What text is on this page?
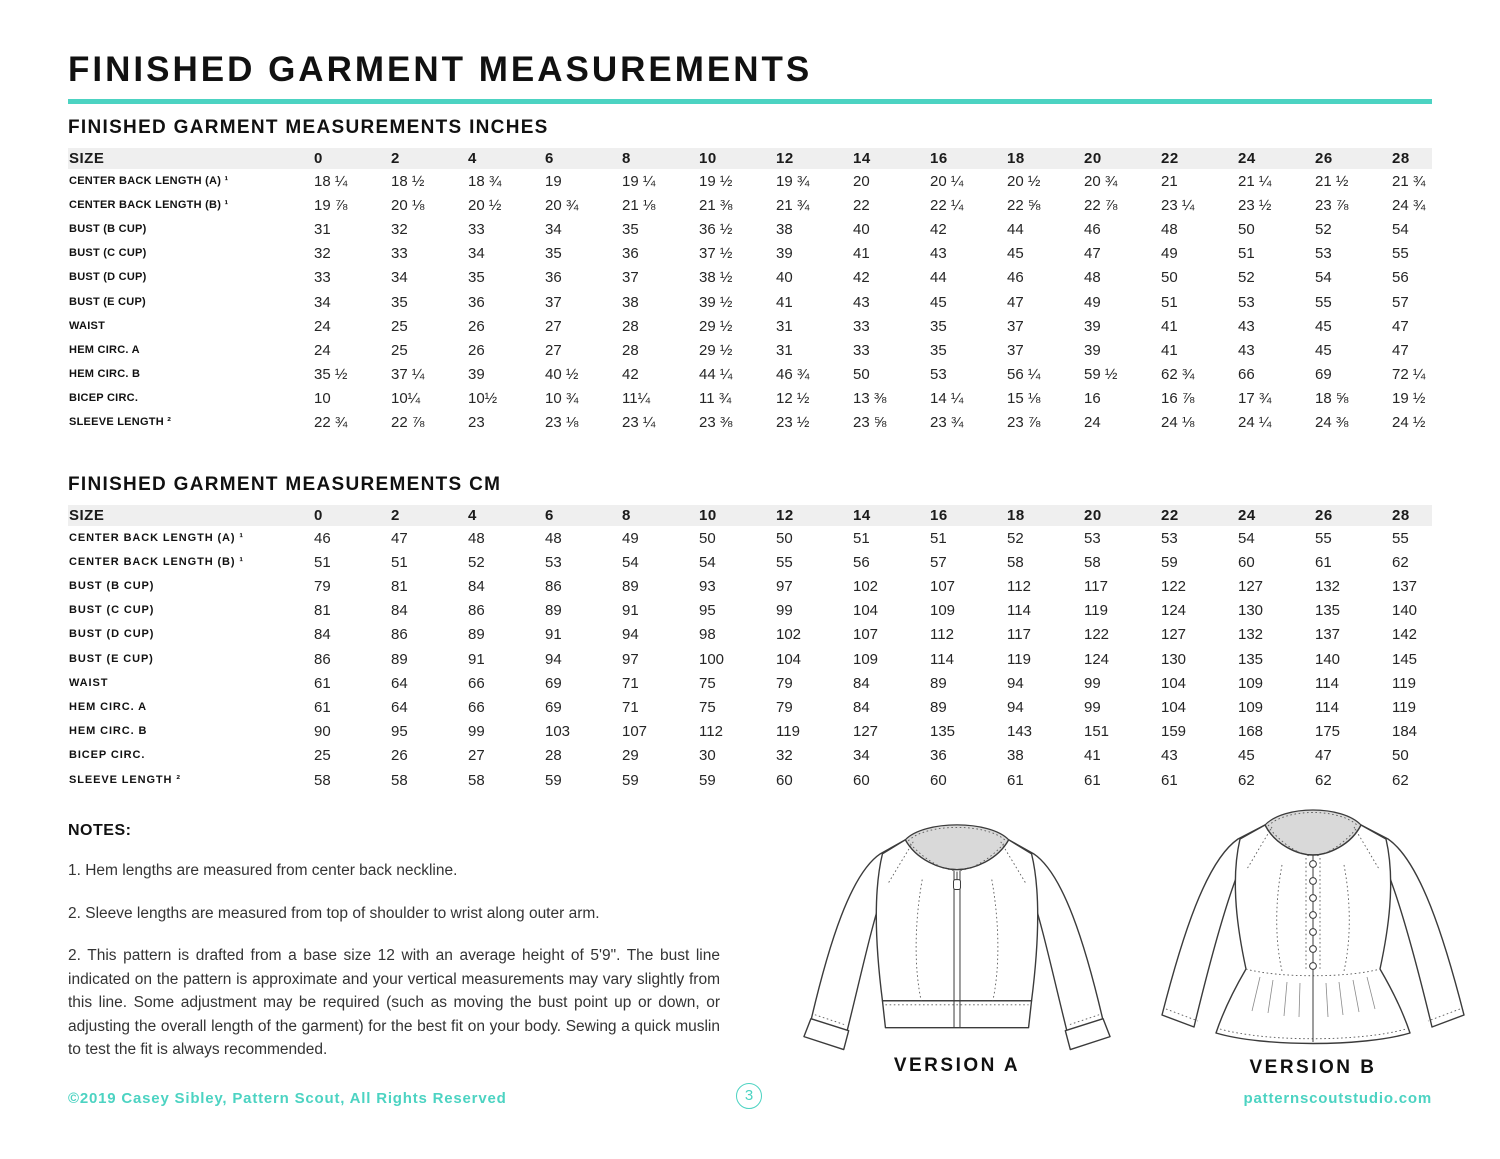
FINISHED GARMENT MEASUREMENTS
FINISHED GARMENT MEASUREMENTS INCHES
SIZE	0	2	4	6	8	10	12	14	16	18	20	22	24	26	28
CENTER BACK LENGTH (A) ¹	18 ¼	18 ½	18 ¾	19	19 ¼	19 ½	19 ¾	20	20 ¼	20 ½	20 ¾	21	21 ¼	21 ½	21 ¾
CENTER BACK LENGTH (B) ¹	19 ⅞	20 ⅛	20 ½	20 ¾	21 ⅛	21 ⅜	21 ¾	22	22 ¼	22 ⅝	22 ⅞	23 ¼	23 ½	23 ⅞	24 ¾
BUST (B CUP)	31	32	33	34	35	36 ½	38	40	42	44	46	48	50	52	54
BUST (C CUP)	32	33	34	35	36	37 ½	39	41	43	45	47	49	51	53	55
BUST (D CUP)	33	34	35	36	37	38 ½	40	42	44	46	48	50	52	54	56
BUST (E CUP)	34	35	36	37	38	39 ½	41	43	45	47	49	51	53	55	57
WAIST	24	25	26	27	28	29 ½	31	33	35	37	39	41	43	45	47
HEM CIRC. A	24	25	26	27	28	29 ½	31	33	35	37	39	41	43	45	47
HEM CIRC. B	35 ½	37 ¼	39	40 ½	42	44 ¼	46 ¾	50	53	56 ¼	59 ½	62 ¾	66	69	72 ¼
BICEP CIRC.	10	10¼	10½	10 ¾	11¼	11 ¾	12 ½	13 ⅜	14 ¼	15 ⅛	16	16 ⅞	17 ¾	18 ⅝	19 ½
SLEEVE LENGTH ²	22 ¾	22 ⅞	23	23 ⅛	23 ¼	23 ⅜	23 ½	23 ⅝	23 ¾	23 ⅞	24	24 ⅛	24 ¼	24 ⅜	24 ½
FINISHED GARMENT MEASUREMENTS CM
SIZE	0	2	4	6	8	10	12	14	16	18	20	22	24	26	28
CENTER BACK LENGTH (A) ¹	46	47	48	48	49	50	50	51	51	52	53	53	54	55	55
CENTER BACK LENGTH (B) ¹	51	51	52	53	54	54	55	56	57	58	58	59	60	61	62
BUST (B CUP)	79	81	84	86	89	93	97	102	107	112	117	122	127	132	137
BUST (C CUP)	81	84	86	89	91	95	99	104	109	114	119	124	130	135	140
BUST (D CUP)	84	86	89	91	94	98	102	107	112	117	122	127	132	137	142
BUST (E CUP)	86	89	91	94	97	100	104	109	114	119	124	130	135	140	145
WAIST	61	64	66	69	71	75	79	84	89	94	99	104	109	114	119
HEM CIRC. A	61	64	66	69	71	75	79	84	89	94	99	104	109	114	119
HEM CIRC. B	90	95	99	103	107	112	119	127	135	143	151	159	168	175	184
BICEP CIRC.	25	26	27	28	29	30	32	34	36	38	41	43	45	47	50
SLEEVE LENGTH ²	58	58	58	59	59	59	60	60	60	61	61	61	62	62	62
NOTES:

1. Hem lengths are measured from center back neckline.

2. Sleeve lengths are measured from top of shoulder to wrist along outer arm.

2. This pattern is drafted from a base size 12 with an average height of 5'9". The bust line indicated on the pattern is approximate and your vertical measurements may vary slightly from this line. Some adjustment may be required (such as moving the bust point up or down, or adjusting the overall length of the garment) for the best fit on your body. Sewing a quick muslin to test the fit is always recommended.

VERSION A	VERSION B
©2019 Casey Sibley, Pattern Scout, All Rights Reserved	3	patternscoutstudio.com
